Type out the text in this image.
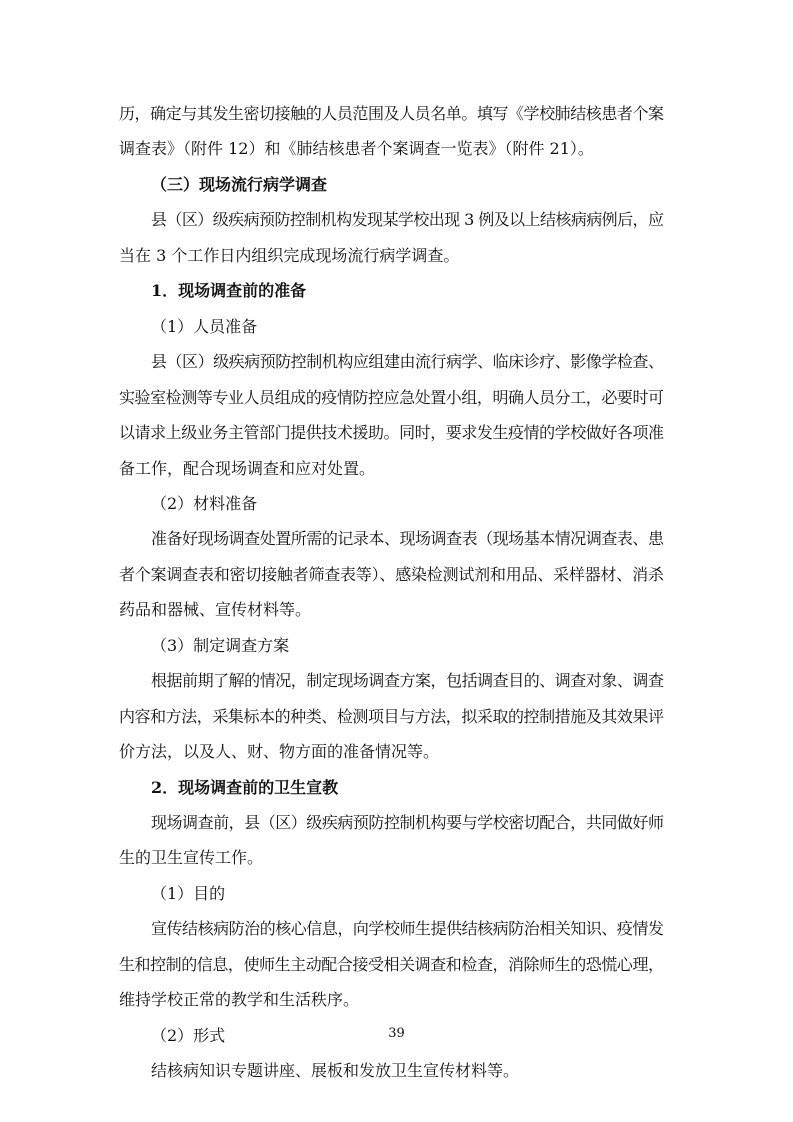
历，确定与其发生密切接触的人员范围及人员名单。填写《学校肺结核患者个案
调查表》（附件 12）和《肺结核患者个案调查一览表》（附件 21）。
（三）现场流行病学调查
县（区）级疾病预防控制机构发现某学校出现 3 例及以上结核病病例后，应
当在 3 个工作日内组织完成现场流行病学调查。
1．现场调查前的准备
（1）人员准备
县（区）级疾病预防控制机构应组建由流行病学、临床诊疗、影像学检查、
实验室检测等专业人员组成的疫情防控应急处置小组，明确人员分工，必要时可
以请求上级业务主管部门提供技术援助。同时，要求发生疫情的学校做好各项准
备工作，配合现场调查和应对处置。
（2）材料准备
准备好现场调查处置所需的记录本、现场调查表（现场基本情况调查表、患
者个案调查表和密切接触者筛查表等）、感染检测试剂和用品、采样器材、消杀
药品和器械、宣传材料等。
（3）制定调查方案
根据前期了解的情况，制定现场调查方案，包括调查目的、调查对象、调查
内容和方法，采集标本的种类、检测项目与方法，拟采取的控制措施及其效果评
价方法，以及人、财、物方面的准备情况等。
2．现场调查前的卫生宣教
现场调查前，县（区）级疾病预防控制机构要与学校密切配合，共同做好师
生的卫生宣传工作。
（1）目的
宣传结核病防治的核心信息，向学校师生提供结核病防治相关知识、疫情发
生和控制的信息，使师生主动配合接受相关调查和检查，消除师生的恐慌心理，
维持学校正常的教学和生活秩序。
（2）形式
结核病知识专题讲座、展板和发放卫生宣传材料等。
39
